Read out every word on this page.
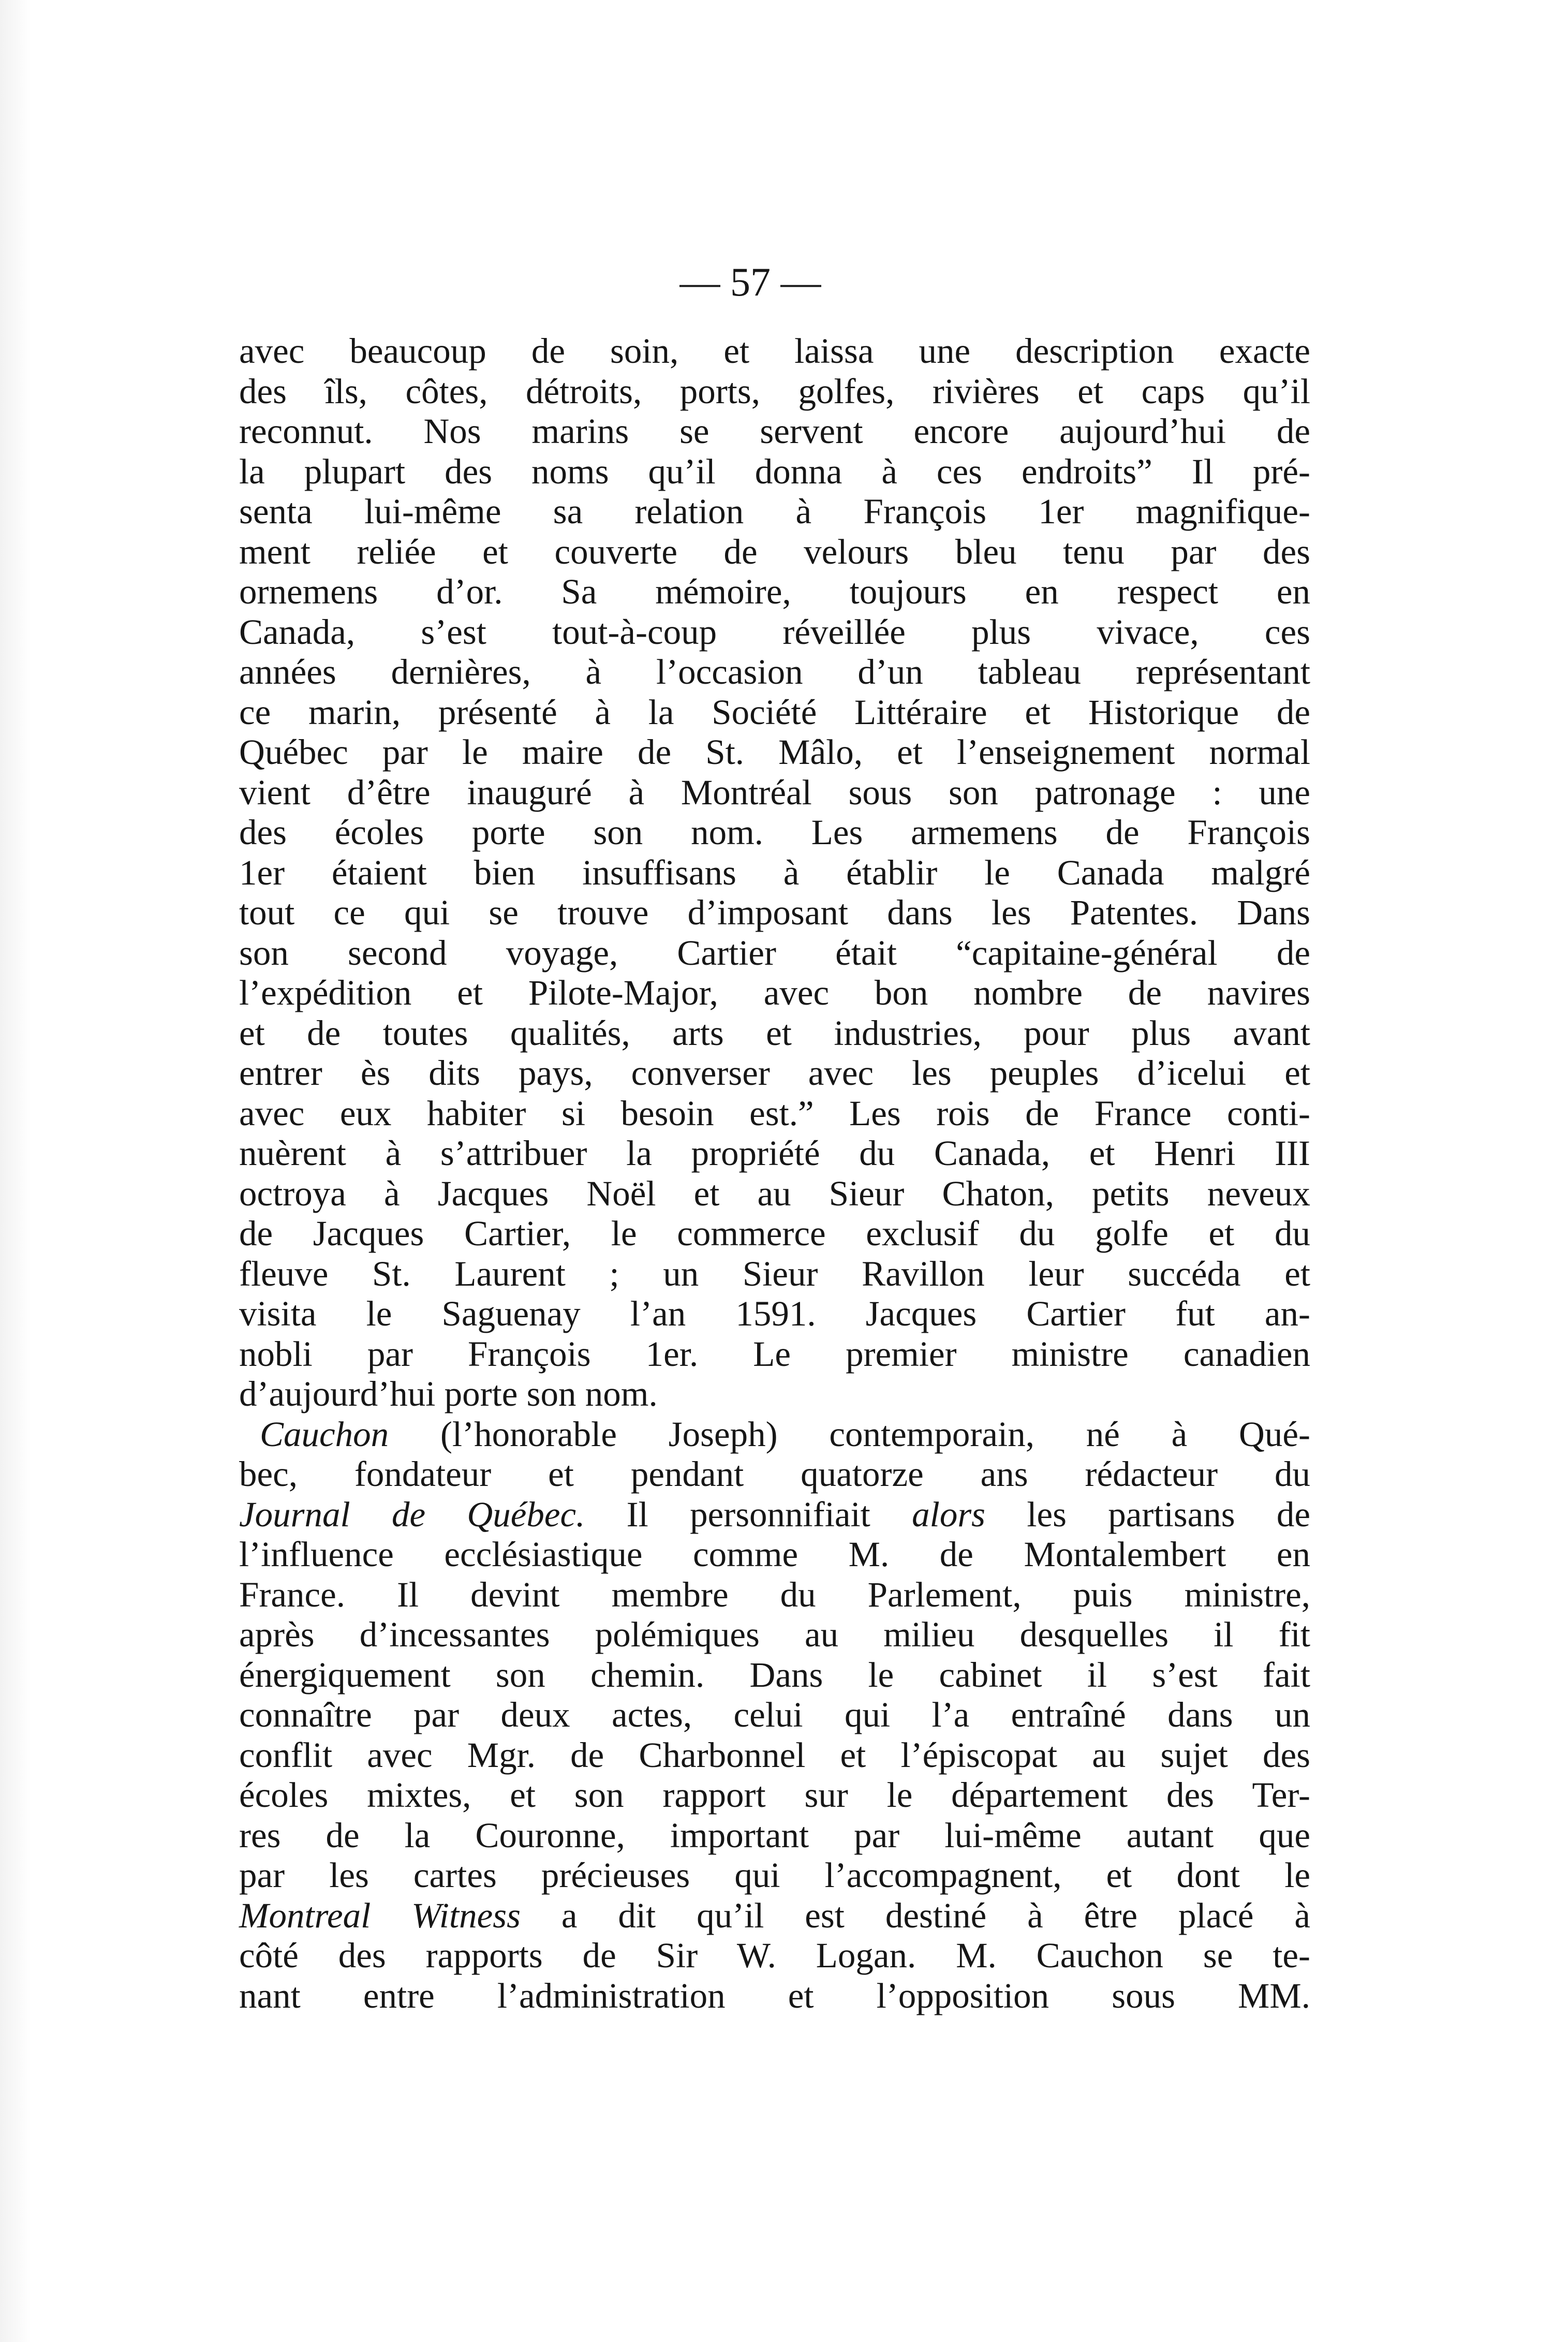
— 57 —
avec beaucoup de soin, et laissa une description exacte
des îls, côtes, détroits, ports, golfes, rivières et caps qu’il
reconnut. Nos marins se servent encore aujourd’hui de
la plupart des noms qu’il donna à ces endroits” Il pré-
senta lui-même sa relation à François 1er magnifique-
ment reliée et couverte de velours bleu tenu par des
ornemens d’or. Sa mémoire, toujours en respect en
Canada, s’est tout-à-coup réveillée plus vivace, ces
années dernières, à l’occasion d’un tableau représentant
ce marin, présenté à la Société Littéraire et Historique de
Québec par le maire de St. Mâlo, et l’enseignement normal
vient d’être inauguré à Montréal sous son patronage : une
des écoles porte son nom. Les armemens de François
1er étaient bien insuffisans à établir le Canada malgré
tout ce qui se trouve d’imposant dans les Patentes. Dans
son second voyage, Cartier était “capitaine-général de
l’expédition et Pilote-Major, avec bon nombre de navires
et de toutes qualités, arts et industries, pour plus avant
entrer ès dits pays, converser avec les peuples d’icelui et
avec eux habiter si besoin est.” Les rois de France conti-
nuèrent à s’attribuer la propriété du Canada, et Henri III
octroya à Jacques Noël et au Sieur Chaton, petits neveux
de Jacques Cartier, le commerce exclusif du golfe et du
fleuve St. Laurent ; un Sieur Ravillon leur succéda et
visita le Saguenay l’an 1591. Jacques Cartier fut an-
nobli par François 1er. Le premier ministre canadien
d’aujourd’hui porte son nom.
Cauchon (l’honorable Joseph) contemporain, né à Qué-
bec, fondateur et pendant quatorze ans rédacteur du
Journal de Québec. Il personnifiait alors les partisans de
l’influence ecclésiastique comme M. de Montalembert en
France. Il devint membre du Parlement, puis ministre,
après d’incessantes polémiques au milieu desquelles il fit
énergiquement son chemin. Dans le cabinet il s’est fait
connaître par deux actes, celui qui l’a entraîné dans un
conflit avec Mgr. de Charbonnel et l’épiscopat au sujet des
écoles mixtes, et son rapport sur le département des Ter-
res de la Couronne, important par lui-même autant que
par les cartes précieuses qui l’accompagnent, et dont le
Montreal Witness a dit qu’il est destiné à être placé à
côté des rapports de Sir W. Logan. M. Cauchon se te-
nant entre l’administration et l’opposition sous MM.
